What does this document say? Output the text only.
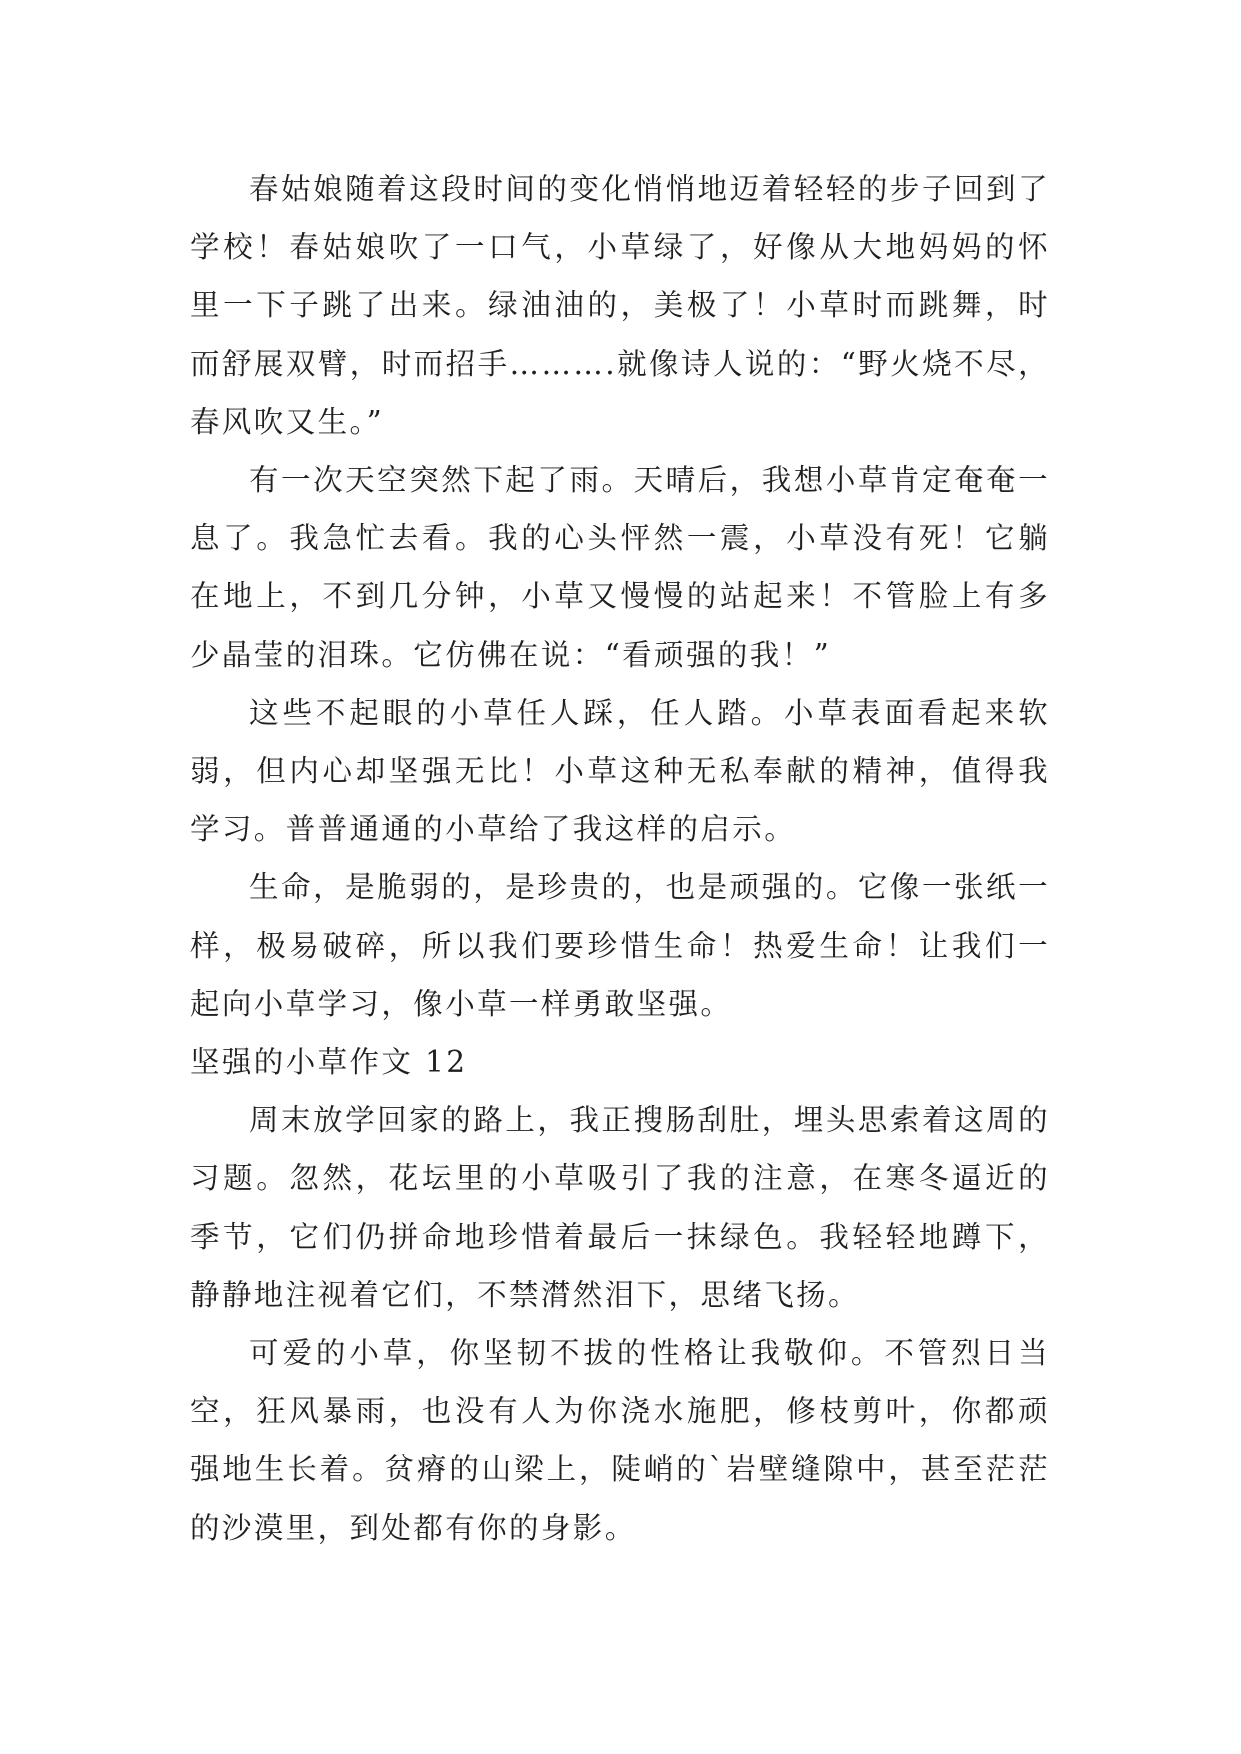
春姑娘随着这段时间的变化悄悄地迈着轻轻的步子回到了学校！春姑娘吹了一口气，小草绿了，好像从大地妈妈的怀里一下子跳了出来。绿油油的，美极了！小草时而跳舞，时而舒展双臂，时而招手……….就像诗人说的：“野火烧不尽，春风吹又生。”

有一次天空突然下起了雨。天晴后，我想小草肯定奄奄一息了。我急忙去看。我的心头怦然一震，小草没有死！它躺在地上，不到几分钟，小草又慢慢的站起来！不管脸上有多少晶莹的泪珠。它仿佛在说：“看顽强的我！”

这些不起眼的小草任人踩，任人踏。小草表面看起来软弱，但内心却坚强无比！小草这种无私奉献的精神，值得我学习。普普通通的小草给了我这样的启示。

生命，是脆弱的，是珍贵的，也是顽强的。它像一张纸一样，极易破碎，所以我们要珍惜生命！热爱生命！让我们一起向小草学习，像小草一样勇敢坚强。

坚强的小草作文 12

周末放学回家的路上，我正搜肠刮肚，埋头思索着这周的习题。忽然，花坛里的小草吸引了我的注意，在寒冬逼近的季节，它们仍拼命地珍惜着最后一抹绿色。我轻轻地蹲下，静静地注视着它们，不禁潸然泪下，思绪飞扬。

可爱的小草，你坚韧不拔的性格让我敬仰。不管烈日当空，狂风暴雨，也没有人为你浇水施肥，修枝剪叶，你都顽强地生长着。贫瘠的山梁上，陡峭的`岩壁缝隙中，甚至茫茫的沙漠里，到处都有你的身影。
